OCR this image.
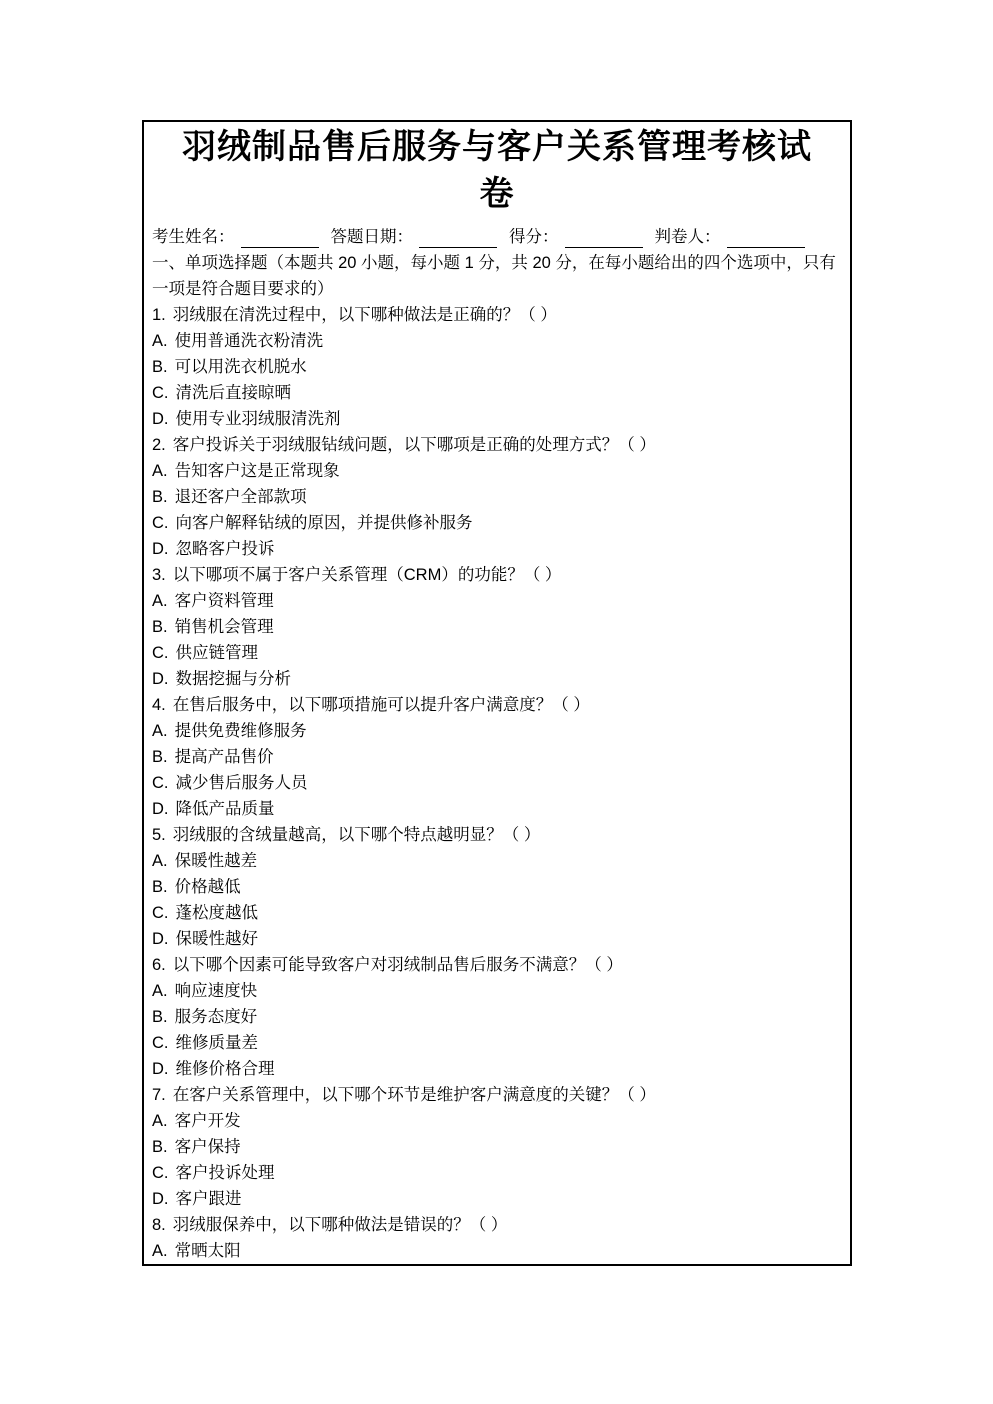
羽绒制品售后服务与客户关系管理考核试
卷
考生姓名：	答题日期：	得分：	判卷人：
一、单项选择题（本题共 20 小题，每小题 1 分，共 20 分，在每小题给出的四个选项中，只有一项是符合题目要求的）
1. 羽绒服在清洗过程中，以下哪种做法是正确的？（ ）
A. 使用普通洗衣粉清洗
B. 可以用洗衣机脱水
C. 清洗后直接晾晒
D. 使用专业羽绒服清洗剂
2. 客户投诉关于羽绒服钻绒问题，以下哪项是正确的处理方式？（ ）
A. 告知客户这是正常现象
B. 退还客户全部款项
C. 向客户解释钻绒的原因，并提供修补服务
D. 忽略客户投诉
3. 以下哪项不属于客户关系管理（CRM）的功能？（ ）
A. 客户资料管理
B. 销售机会管理
C. 供应链管理
D. 数据挖掘与分析
4. 在售后服务中，以下哪项措施可以提升客户满意度？（ ）
A. 提供免费维修服务
B. 提高产品售价
C. 减少售后服务人员
D. 降低产品质量
5. 羽绒服的含绒量越高，以下哪个特点越明显？（ ）
A. 保暖性越差
B. 价格越低
C. 蓬松度越低
D. 保暖性越好
6. 以下哪个因素可能导致客户对羽绒制品售后服务不满意？（ ）
A. 响应速度快
B. 服务态度好
C. 维修质量差
D. 维修价格合理
7. 在客户关系管理中，以下哪个环节是维护客户满意度的关键？（ ）
A. 客户开发
B. 客户保持
C. 客户投诉处理
D. 客户跟进
8. 羽绒服保养中，以下哪种做法是错误的？（ ）
A. 常晒太阳
